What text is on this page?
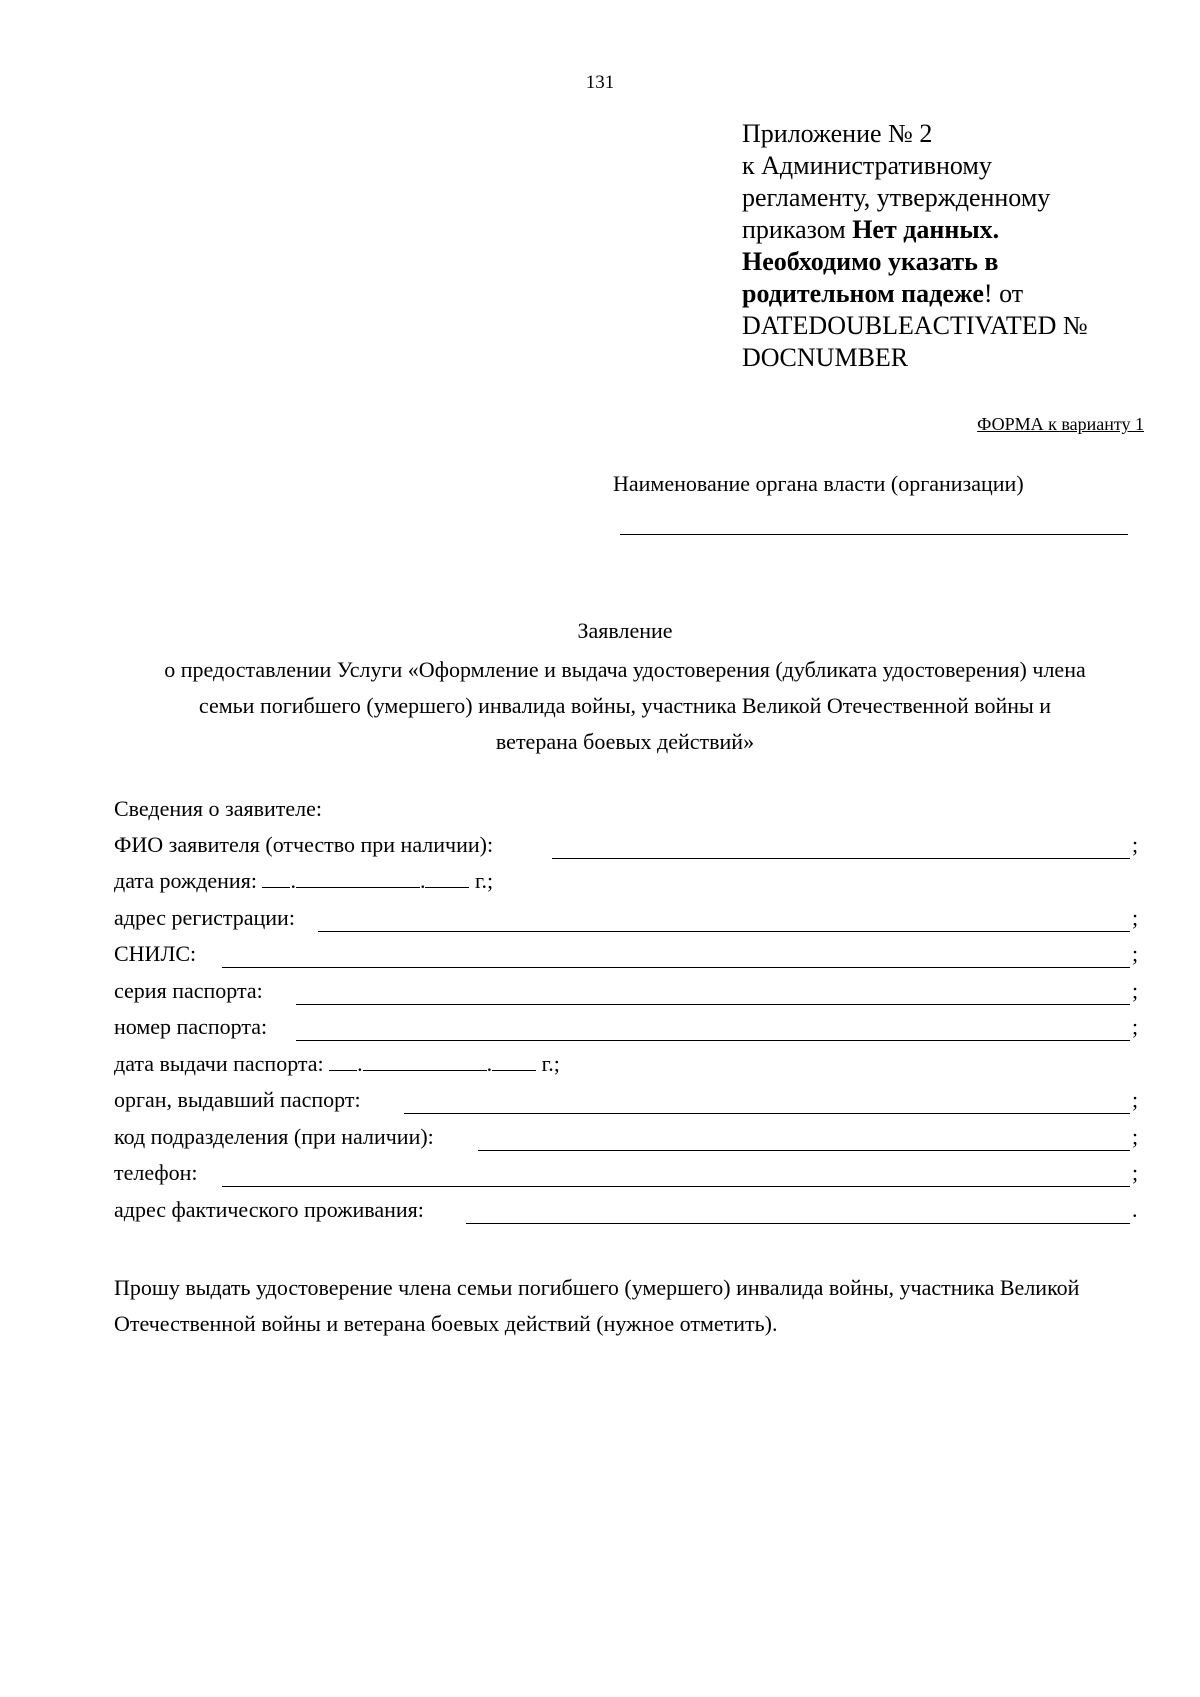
131
Приложение № 2
к Административному
регламенту, утвержденному
приказом Нет данных.
Необходимо указать в
родительном падеже! от
DATEDOUBLEACTIVATED №
DOCNUMBER
ФОРМА к варианту 1
Наименование органа власти (организации)
Заявление
о предоставлении Услуги «Оформление и выдача удостоверения (дубликата удостоверения) члена
семьи погибшего (умершего) инвалида войны, участника Великой Отечественной войны и
ветерана боевых действий»
Сведения о заявителе:
ФИО заявителя (отчество при наличии):	;
дата рождения: .	. г.;
адрес регистрации:	;
СНИЛС:	;
серия паспорта:	;
номер паспорта:	;
дата выдачи паспорта: .	. г.;
орган, выдавший паспорт:	;
код подразделения (при наличии):	;
телефон:	;
адрес фактического проживания:	.
Прошу выдать удостоверение члена семьи погибшего (умершего) инвалида войны, участника Великой Отечественной войны и ветерана боевых действий (нужное отметить).
